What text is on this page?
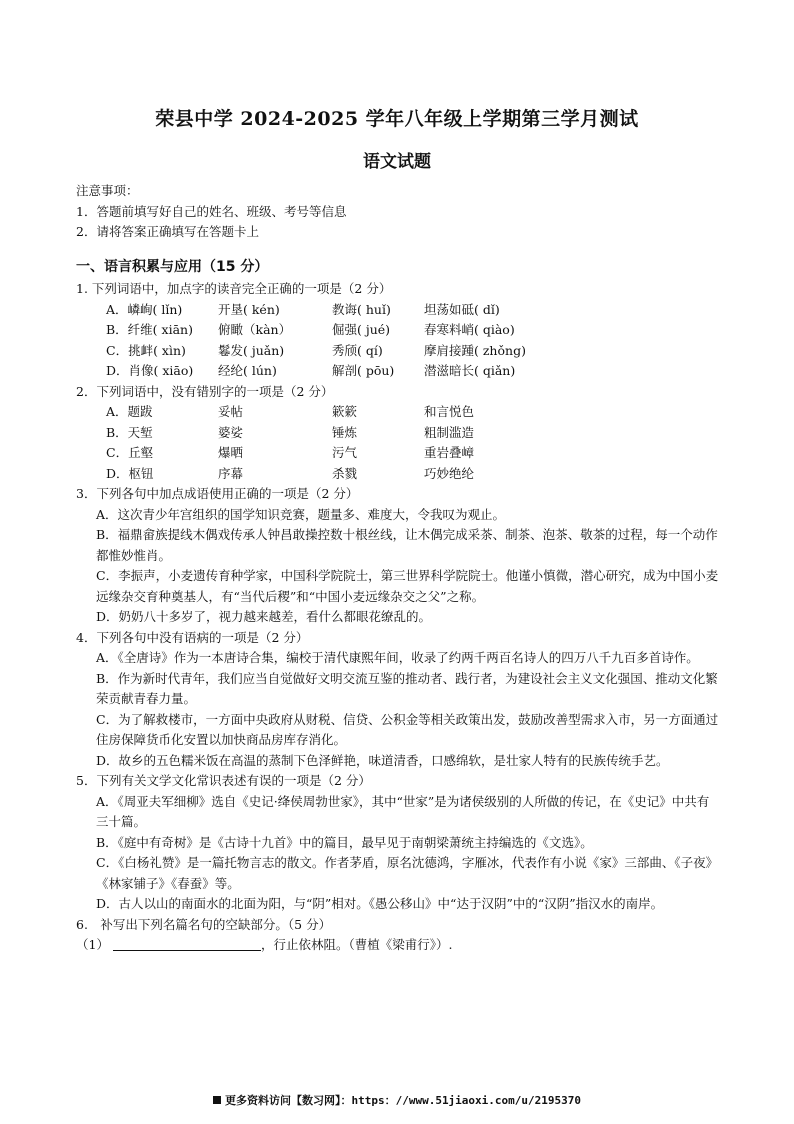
荣县中学 2024-2025 学年八年级上学期第三学月测试
语文试题
注意事项：
1．答题前填写好自己的姓名、班级、考号等信息
2．请将答案正确填写在答题卡上
一、语言积累与应用（15 分）
1. 下列词语中，加点字的读音完全正确的一项是（2 分）
A．嶙峋( lǐn)	开垦( kén)	教诲( huǐ)	坦荡如砥( dǐ)
B．纤维( xiān)	俯瞰（kàn）	倔强( jué)	春寒料峭( qiào)
C．挑衅( xìn)	鬈发( juǎn)	秀颀( qí)	摩肩接踵( zhǒng)
D．肖像( xiāo)	经纶( lún)	解剖( pōu)	潜滋暗长( qiǎn)
2．下列词语中，没有错别字的一项是（2 分）
A．题跋	妥帖	簌簌	和言悦色
B．天堑	婆娑	锤炼	粗制滥造
C．丘壑	爆晒	污气	重岩叠嶂
D．枢钮	序幕	杀戮	巧妙绝纶
3．下列各句中加点成语使用正确的一项是（2 分）
A．这次青少年宫组织的国学知识竞赛，题量多、难度大，令我叹为观止。
B．福鼎畲族提线木偶戏传承人钟昌敢操控数十根丝线，让木偶完成采茶、制茶、泡茶、敬茶的过程，每一个动作都惟妙惟肖。
C．李振声，小麦遗传育种学家，中国科学院院士，第三世界科学院院士。他谨小慎微，潜心研究，成为中国小麦远缘杂交育种奠基人，有“当代后稷”和“中国小麦远缘杂交之父”之称。
D．奶奶八十多岁了，视力越来越差，看什么都眼花缭乱的。
4．下列各句中没有语病的一项是（2 分）
A．《全唐诗》作为一本唐诗合集，编校于清代康熙年间，收录了约两千两百名诗人的四万八千九百多首诗作。
B．作为新时代青年，我们应当自觉做好文明交流互鉴的推动者、践行者，为建设社会主义文化强国、推动文化繁荣贡献青春力量。
C．为了解救楼市，一方面中央政府从财税、信贷、公积金等相关政策出发，鼓励改善型需求入市，另一方面通过住房保障货币化安置以加快商品房库存消化。
D．故乡的五色糯米饭在高温的蒸制下色泽鲜艳，味道清香，口感绵软，是壮家人特有的民族传统手艺。
5．下列有关文学文化常识表述有误的一项是（2 分）
A．《周亚夫军细柳》选自《史记·绛侯周勃世家》，其中“世家”是为诸侯级别的人所做的传记，在《史记》中共有三十篇。
B．《庭中有奇树》是《古诗十九首》中的篇目，最早见于南朝梁萧统主持编选的《文选》。
C．《白杨礼赞》是一篇托物言志的散文。作者茅盾，原名沈德鸿，字雁冰，代表作有小说《家》三部曲、《子夜》《林家铺子》《春蚕》等。
D．古人以山的南面水的北面为阳，与“阴”相对。《愚公移山》中“达于汉阴”中的“汉阴”指汉水的南岸。
6.　补写出下列名篇名句的空缺部分。（5 分）
（1）	，行止依林阻。（曹植《梁甫行》）.
更多资料访问【数习网】：https：//www.51jiaoxi.com/u/2195370
